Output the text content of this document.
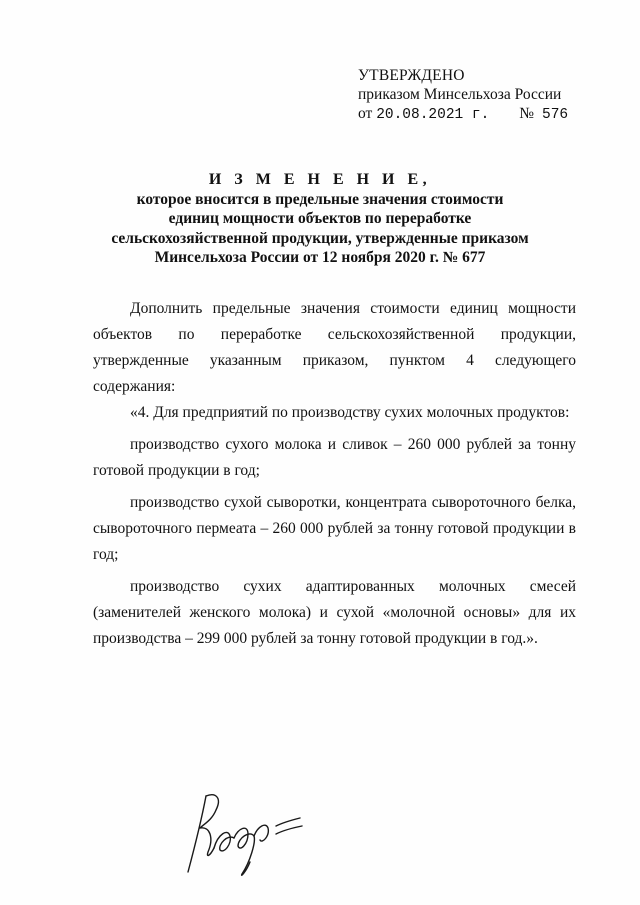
УТВЕРЖДЕНО
приказом Минсельхоза России
от 20.08.2021 г. № 576
И З М Е Н Е Н И Е,
которое вносится в предельные значения стоимости
единиц мощности объектов по переработке
сельскохозяйственной продукции, утвержденные приказом
Минсельхоза России от 12 ноября 2020 г. № 677

Дополнить предельные значения стоимости единиц мощности объектов по переработке сельскохозяйственной продукции, утвержденные указанным приказом, пунктом 4 следующего содержания:

«4. Для предприятий по производству сухих молочных продуктов:

производство сухого молока и сливок – 260 000 рублей за тонну готовой продукции в год;

производство сухой сыворотки, концентрата сывороточного белка, сывороточного пермеата – 260 000 рублей за тонну готовой продукции в год;

производство сухих адаптированных молочных смесей (заменителей женского молока) и сухой «молочной основы» для их производства – 299 000 рублей за тонну готовой продукции в год.».
